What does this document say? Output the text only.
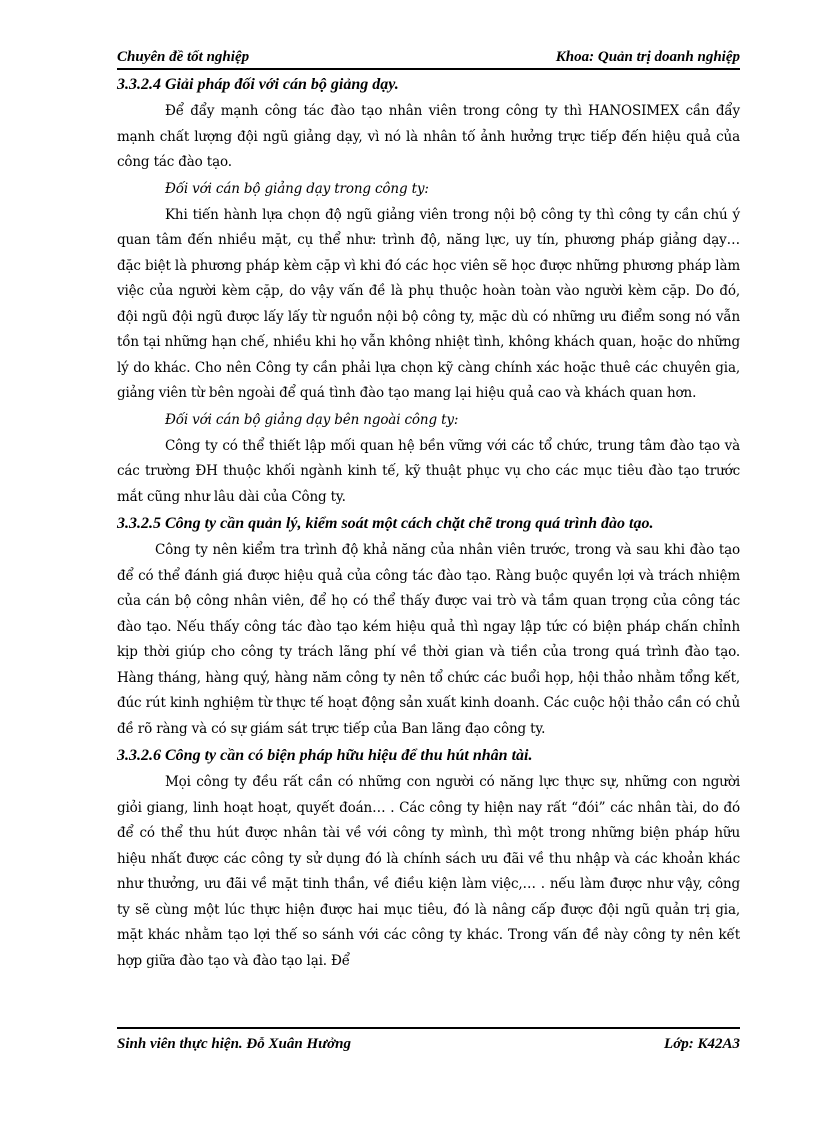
Chuyên đề tốt nghiệp	Khoa: Quản trị doanh nghiệp

3.3.2.4 Giải pháp đối với cán bộ giảng dạy.

Để đẩy mạnh công tác đào tạo nhân viên trong công ty thì HANOSIMEX cần đẩy mạnh chất lượng đội ngũ giảng dạy, vì nó là nhân tố ảnh hưởng trực tiếp đến hiệu quả của công tác đào tạo.

Đối với cán bộ giảng dạy trong công ty:

Khi tiến hành lựa chọn độ ngũ giảng viên trong nội bộ công ty thì công ty cần chú ý quan tâm đến nhiều mặt, cụ thể như: trình độ, năng lực, uy tín, phương pháp giảng dạy… đặc biệt là phương pháp kèm cặp vì khi đó các học viên sẽ học được những phương pháp làm việc của người kèm cặp, do vậy vấn đề là phụ thuộc hoàn toàn vào người kèm cặp. Do đó, đội ngũ đội ngũ được lấy lấy từ nguồn nội bộ công ty, mặc dù có những ưu điểm song nó vẫn tồn tại những hạn chế, nhiều khi họ vẫn không nhiệt tình, không khách quan, hoặc do những lý do khác. Cho nên Công ty cần phải lựa chọn kỹ càng chính xác hoặc thuê các chuyên gia, giảng viên từ bên ngoài để quá tình đào tạo mang lại hiệu quả cao và khách quan hơn.

Đối với cán bộ giảng dạy bên ngoài công ty:

Công ty có thể thiết lập mối quan hệ bền vững với các tổ chức, trung tâm đào tạo và các trường ĐH thuộc khối ngành kinh tế, kỹ thuật phục vụ cho các mục tiêu đào tạo trước mắt cũng như lâu dài của Công ty.

3.3.2.5 Công ty cần quản lý, kiểm soát một cách chặt chẽ trong quá trình đào tạo.

Công ty nên kiểm tra trình độ khả năng của nhân viên trước, trong và sau khi đào tạo để có thể đánh giá được hiệu quả của công tác đào tạo. Ràng buộc quyền lợi và trách nhiệm của cán bộ công nhân viên, để họ có thể thấy được vai trò và tầm quan trọng của công tác đào tạo. Nếu thấy công tác đào tạo kém hiệu quả thì ngay lập tức có biện pháp chấn chỉnh kịp thời giúp cho công ty trách lãng phí về thời gian và tiền của trong quá trình đào tạo. Hàng tháng, hàng quý, hàng năm công ty nên tổ chức các buổi họp, hội thảo nhằm tổng kết, đúc rút kinh nghiệm từ thực tế hoạt động sản xuất kinh doanh. Các cuộc hội thảo cần có chủ đề rõ ràng và có sự giám sát trực tiếp của Ban lãng đạo công ty.

3.3.2.6 Công ty cần có biện pháp hữu hiệu để thu hút nhân tài.

Mọi công ty đều rất cần có những con người có năng lực thực sự, những con người giỏi giang, linh hoạt hoạt, quyết đoán… . Các công ty hiện nay rất “đói” các nhân tài, do đó để có thể thu hút được nhân tài về với công ty mình, thì một trong những biện pháp hữu hiệu nhất được các công ty sử dụng đó là chính sách ưu đãi về thu nhập và các khoản khác như thưởng, ưu đãi về mặt tinh thần, về điều kiện làm việc,… . nếu làm được như vậy, công ty sẽ cùng một lúc thực hiện được hai mục tiêu, đó là nâng cấp được đội ngũ quản trị gia, mặt khác nhằm tạo lợi thế so sánh với các công ty khác. Trong vấn đề này công ty nên kết hợp giữa đào tạo và đào tạo lại. Để

Sinh viên thực hiện. Đỗ Xuân Hưởng	Lớp: K42A3
